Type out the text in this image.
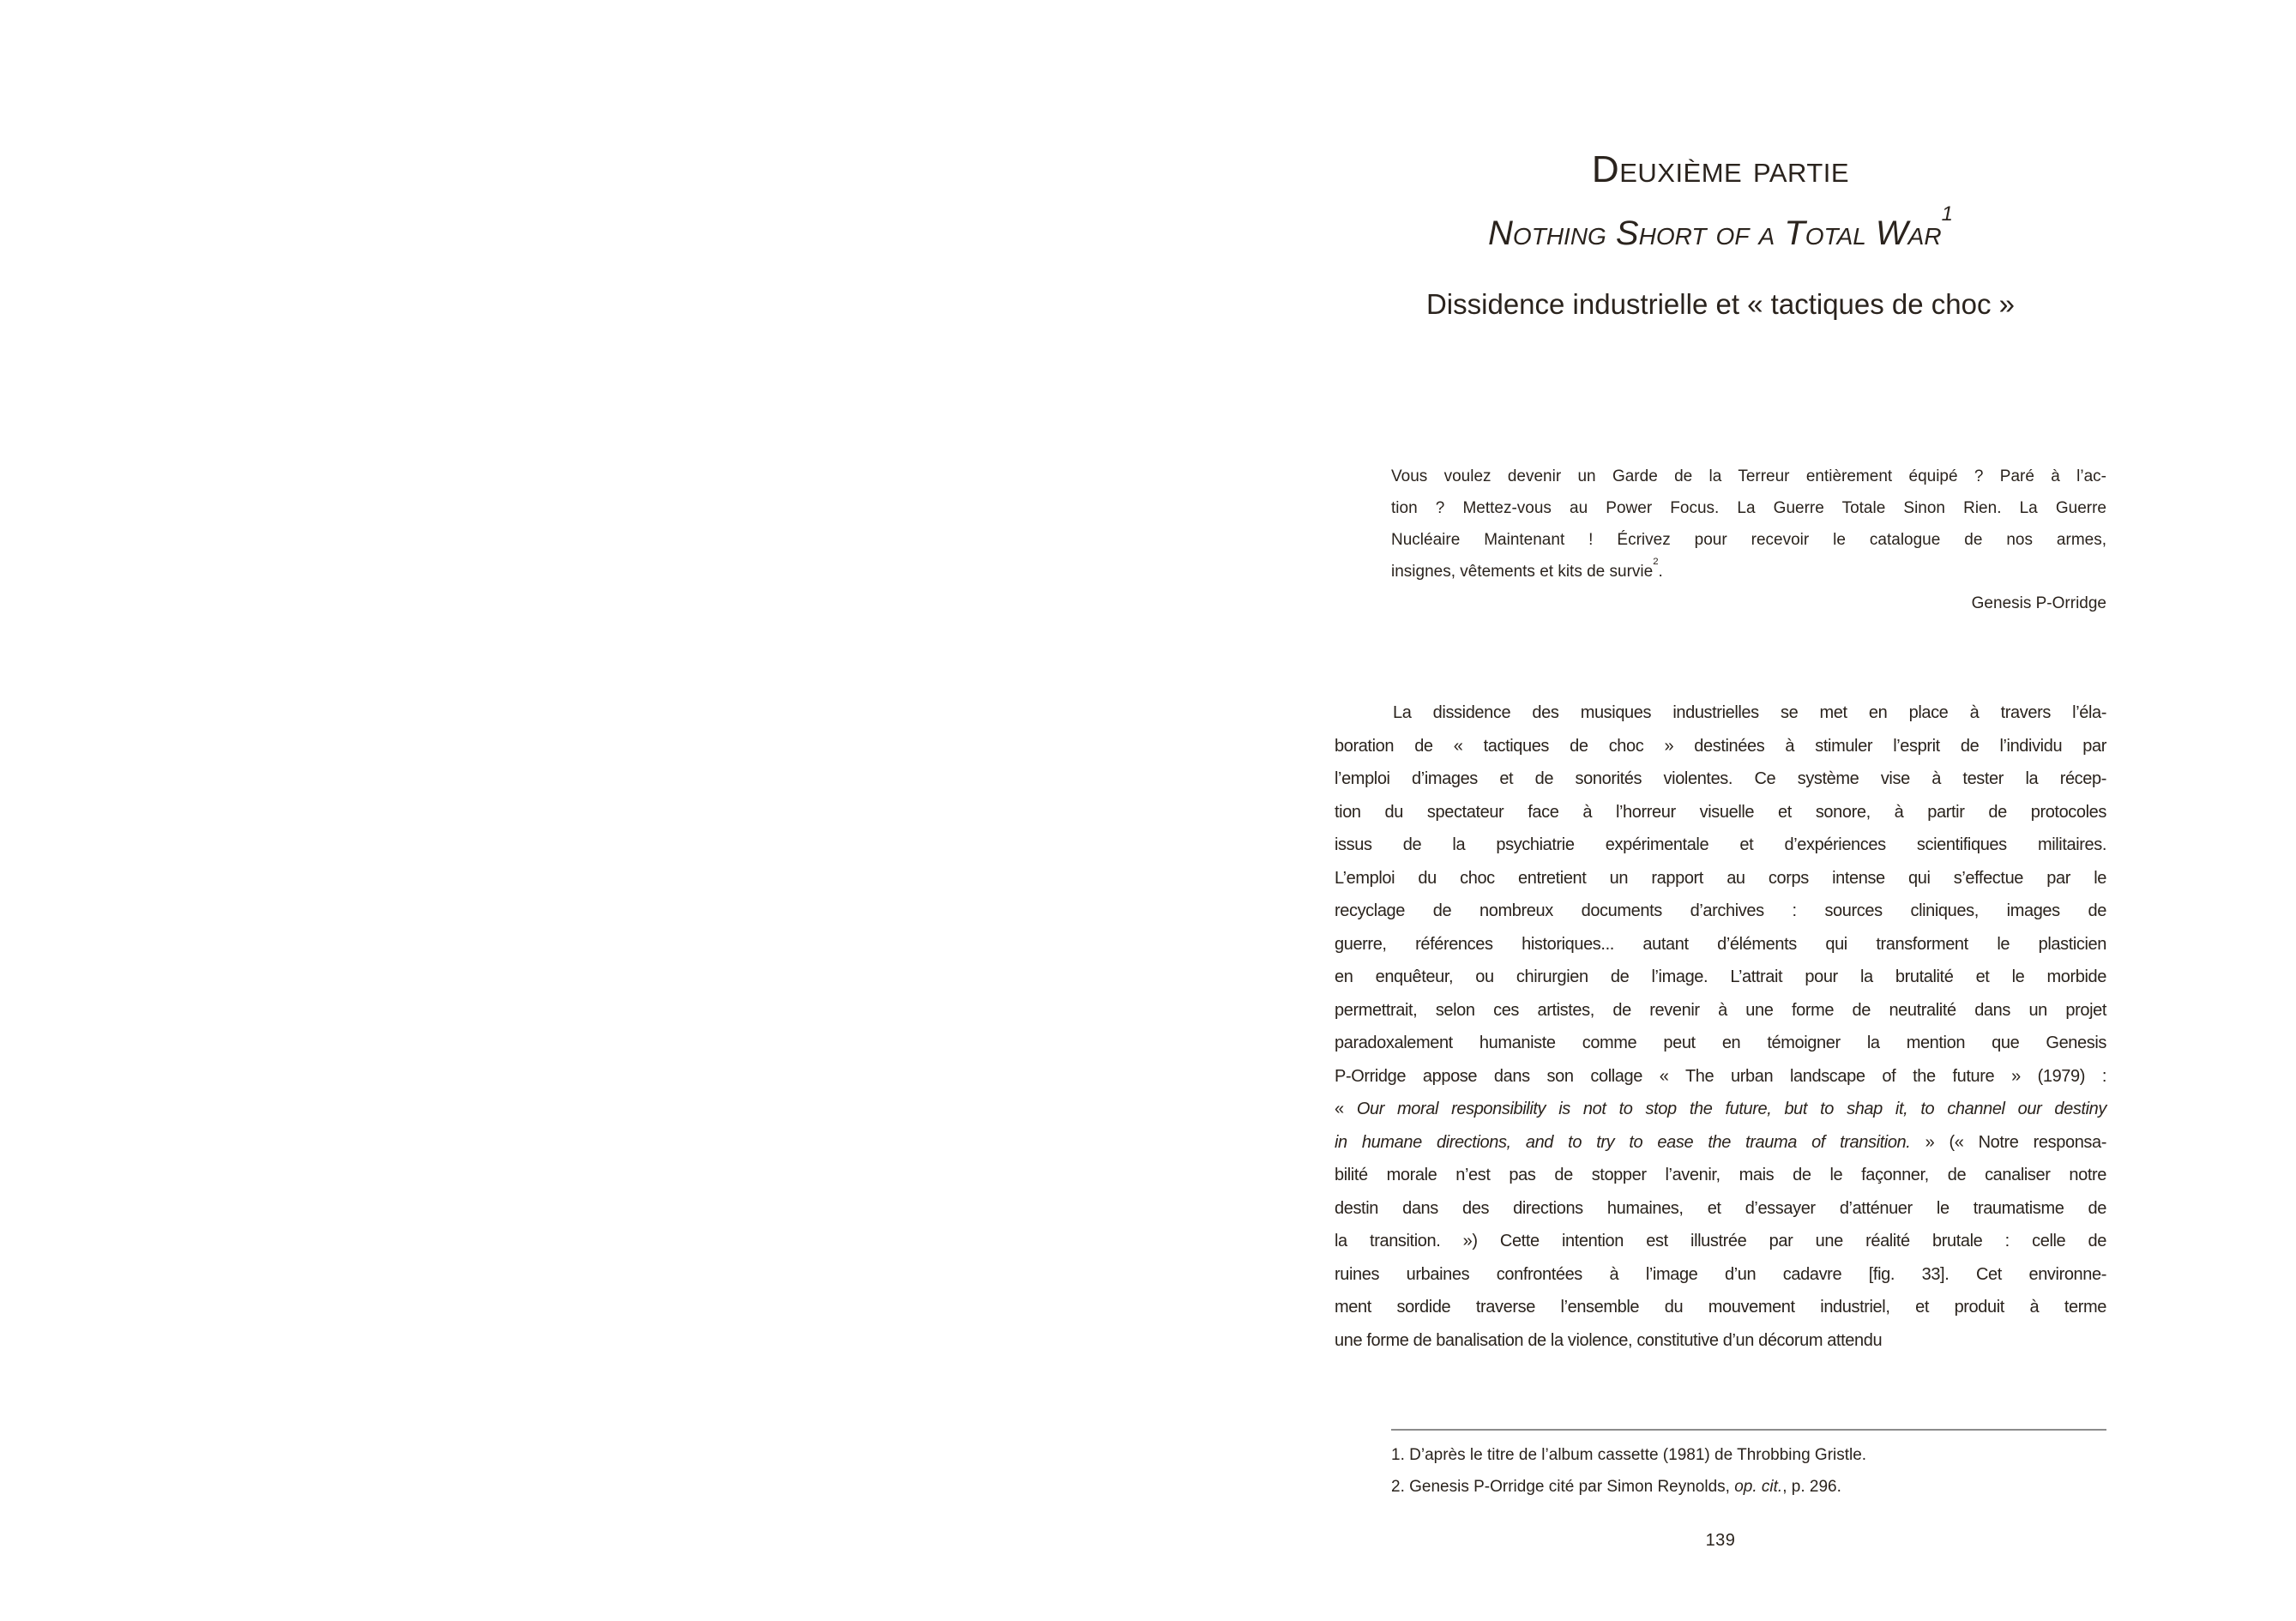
Deuxième partie
Nothing Short of a Total War$^1$
Dissidence industrielle et « tactiques de choc »
Vous voulez devenir un Garde de la Terreur entièrement équipé ? Paré à l’ac-
tion ? Mettez-vous au Power Focus. La Guerre Totale Sinon Rien. La Guerre
Nucléaire Maintenant ! Écrivez pour recevoir le catalogue de nos armes,
insignes, vêtements et kits de survie$^2$.
Genesis P-Orridge
La dissidence des musiques industrielles se met en place à travers l’éla-
boration de « tactiques de choc » destinées à stimuler l’esprit de l’individu par
l’emploi d’images et de sonorités violentes. Ce système vise à tester la récep-
tion du spectateur face à l’horreur visuelle et sonore, à partir de protocoles
issus de la psychiatrie expérimentale et d’expériences scientifiques militaires.
L’emploi du choc entretient un rapport au corps intense qui s’effectue par le
recyclage de nombreux documents d’archives : sources cliniques, images de
guerre, références historiques... autant d’éléments qui transforment le plasticien
en enquêteur, ou chirurgien de l’image. L’attrait pour la brutalité et le morbide
permettrait, selon ces artistes, de revenir à une forme de neutralité dans un projet
paradoxalement humaniste comme peut en témoigner la mention que Genesis
P-Orridge appose dans son collage « The urban landscape of the future » (1979) :
« Our moral responsibility is not to stop the future, but to shap it, to channel our destiny
in humane directions, and to try to ease the trauma of transition. » (« Notre responsa-
bilité morale n’est pas de stopper l’avenir, mais de le façonner, de canaliser notre
destin dans des directions humaines, et d’essayer d’atténuer le traumatisme de
la transition. ») Cette intention est illustrée par une réalité brutale : celle de
ruines urbaines confrontées à l’image d’un cadavre [fig. 33]. Cet environne-
ment sordide traverse l’ensemble du mouvement industriel, et produit à terme
une forme de banalisation de la violence, constitutive d’un décorum attendu
1. D’après le titre de l’album cassette (1981) de Throbbing Gristle.
2. Genesis P-Orridge cité par Simon Reynolds, op. cit., p. 296.
139
